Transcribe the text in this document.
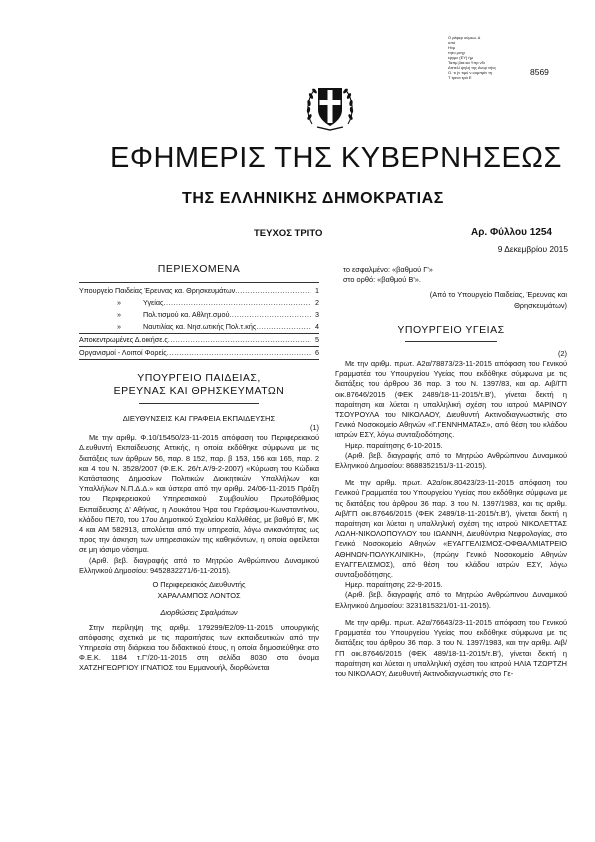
Ο ρέφερ ούμιωι. Δ
υπό
Ηνμ
τητο μινχι
εργμε (ΕΥ) ήμ
Ταπμ βιιιι κα Υπρ νδι
Απτελί ψηλή της Ανορ νήνς
Ο. τι (ν τιμύ ν.ουμπρίν τη
Τ τρινα τρά Ε
8569
ΕΦΗΜΕΡΙΣ ΤΗΣ ΚΥΒΕΡΝΗΣΕΩΣ
ΤΗΣ ΕΛΛΗΝΙΚΗΣ ΔΗΜΟΚΡΑΤΙΑΣ
ΤΕΥΧΟΣ ΤΡΙΤΟ	Αρ. Φύλλου 1254
9 Δεκεμβρίου 2015
ΠΕΡΙΕΧΟΜΕΝΑ
Υπουργείο Παιδείας Έρευνας κα. Θρησκευμάτων .....	1
»	Υγείας .....	2
»	Πολ.τισμού κα. Αθλητ.σμού .....	3
»	Ναυτιλίας κα. Νησ.ωτικής Πολ.τ.κής .....	4
Αποκεντρωμένες Δ.οικήσε.ς .....	5
Οργανισμοί - Λοιποί Φορείς .....	6
ΥΠΟΥΡΓΕΙΟ ΠΑΙΔΕΙΑΣ,
ΕΡΕΥΝΑΣ ΚΑΙ ΘΡΗΣΚΕΥΜΑΤΩΝ
ΔΙΕΥΘΥΝΣΕΙΣ ΚΑΙ ΓΡΑΦΕΙΑ ΕΚΠΑΙΔΕΥΣΗΣ
(1)
Με την αριθμ. Φ.10/15450/23-11-2015 απόφαση του Περιφερειακού Δ.ευθυντή Εκπαίδευσης Αττικής, η οποία εκδόθηκε σύμφωνα με τις διατάξεις των άρθρων 56, παρ. 8 152, παρ. β 153, 156 και 165, παρ. 2 και 4 του Ν. 3528/2007 (Φ.Ε.Κ. 26/τ.Α'/9-2-2007) «Κύρωση του Κώδικα Κατάστασης Δημοσίων Πολιτικών Διοικητικών Υπαλλήλων και Υπαλλήλων Ν.Π.Δ.Δ.» και ύστερα από την αριθμ. 24/06-11-2015 Πράξη του Περιφερειακού Υπηρεσιακού Συμβουλίου Πρωτοβάθμιας Εκπαίδευσης Δ' Αθήνας, η Λουκάτου Ήρα του Γεράσιμου-Κωνσταντίνου, κλάδου ΠΕ70, του 17ου Δημοτικού Σχολείου Καλλιθέας, με βαθμό Β', ΜΚ 4 και ΑΜ 582913, απολύεται από την υπηρεσία, λόγω ανικανότητας ως προς την άσκηση των υπηρεσιακών της καθηκόντων, η οποία οφείλεται σε μη ιάσιμο νόσημα.
(Αριθ. βεβ. διαγραφής από το Μητρώο Ανθρώπινου Δυναμικού Ελληνικού Δημοσίου: 9452832271/6-11-2015).
Ο Περιφερειακός Διευθυντής
ΧΑΡΑΛΑΜΠΟΣ ΛΟΝΤΟΣ
Διορθώσεις Σφαλμάτων
Στην περίληψη της αριθμ. 179299/Ε2/09-11-2015 υπουργικής απόφασης σχετικά με τις παραιτήσεις των εκπαιδευτικών από την Υπηρεσία στη διάρκεια του διδακτικού έτους, η οποία δημοσιεύθηκε στο Φ.Ε.Κ. 1184 τ.Γ'/20-11-2015 στη σελίδα 8030 στο όνομα ΧΑΤΖΗΓΕΩΡΓΙΟΥ ΙΓΝΑΤΙΟΣ του Εμμανουήλ, διορθώνεται
το εσφαλμένο: «βαθμού Γ'»
στο ορθό: «βαθμού Β'».
(Από το Υπουργείο Παιδείας, Έρευνας και Θρησκευμάτων)
ΥΠΟΥΡΓΕΙΟ ΥΓΕΙΑΣ
(2)
Με την αριθμ. πρωτ. Α2α/78873/23-11-2015 απόφαση του Γενικού Γραμματέα του Υπουργείου Υγείας που εκδόθηκε σύμφωνα με τις διατάξεις του άρθρου 36 παρ. 3 του Ν. 1397/83, και αρ. Αιβ/ΓΠ οικ.87646/2015 (ΦΕΚ 2489/18-11-2015/τ.Β'), γίνεται δεκτή η παραίτηση και λύεται η υπαλληλική σχέση του ιατρού ΜΑΡΙΝΟΥ ΤΣΟΥΡΟΥΛΑ του ΝΙΚΟΛΑΟΥ, Διευθυντή Ακτινοδιαγνωστικής στο Γενικό Νοσοκομείο Αθηνών «Γ.ΓΕΝΝΗΜΑΤΑΣ», από θέση του κλάδου ιατρών ΕΣΥ, λόγω συνταξιοδότησης.
Ημερ. παραίτησης 6-10-2015.
(Αριθ. βεβ. διαγραφής από το Μητρώο Ανθρώπινου Δυναμικού Ελληνικού Δημοσίου: 8688352151/3-11-2015).
Με την αριθμ. πρωτ. Α2α/οικ.80423/23-11-2015 απόφαση του Γενικού Γραμματέα του Υπουργείου Υγείας που εκδόθηκε σύμφωνα με τις διατάξεις του άρθρου 36 παρ. 3 του Ν. 1397/1983, και τις αριθμ. Αιβ/ΓΠ οικ.87646/2015 (ΦΕΚ 2489/18-11-2015/τ.Β'), γίνεται δεκτή η παραίτηση και λύεται η υπαλληλική σχέση της ιατρού ΝΙΚΟΛΕΤΤΑΣ ΛΩΛΗ-ΝΙΚΟΛΟΠΟΥΛΟΥ του ΙΩΑΝΝΗ, Διευθύντρια Νεφρολογίας, στο Γενικό Νοσοκομείο Αθηνών «ΕΥΑΓΓΕΛΙΣΜΟΣ-ΟΦΘΑΛΜΙΑΤΡΕΙΟ ΑΘΗΝΩΝ-ΠΟΛΥΚΛΙΝΙΚΗ», (πρώην Γενικό Νοσοκομείο Αθηνών ΕΥΑΓΓΕΛΙΣΜΟΣ), από θέση του κλάδου ιατρών ΕΣΥ, λόγω συνταξιοδότησης.
Ημερ. παραίτησης 22-9-2015.
(Αριθ. βεβ. διαγραφής από το Μητρώο Ανθρώπινου Δυναμικού Ελληνικού Δημοσίου: 3231815321/01-11-2015).
Με την αριθμ. πρωτ. Α2α/76643/23-11-2015 απόφαση του Γενικού Γραμματέα του Υπουργείου Υγείας που εκδόθηκε σύμφωνα με τις διατάξεις του άρθρου 36 παρ. 3 του Ν. 1397/1983, και την αριθμ. Αιβ/ΓΠ οικ.87646/2015 (ΦΕΚ 489/18-11-2015/τ.Β'), γίνεται δεκτή η παραίτηση και λύεται η υπαλληλική σχέση του ιατρού ΗΛΙΑ ΤΖΩΡΤΖΗ του ΝΙΚΟΛΑΟΥ, Διευθυντή Ακτινοδιαγνωστικής στο Γε-
